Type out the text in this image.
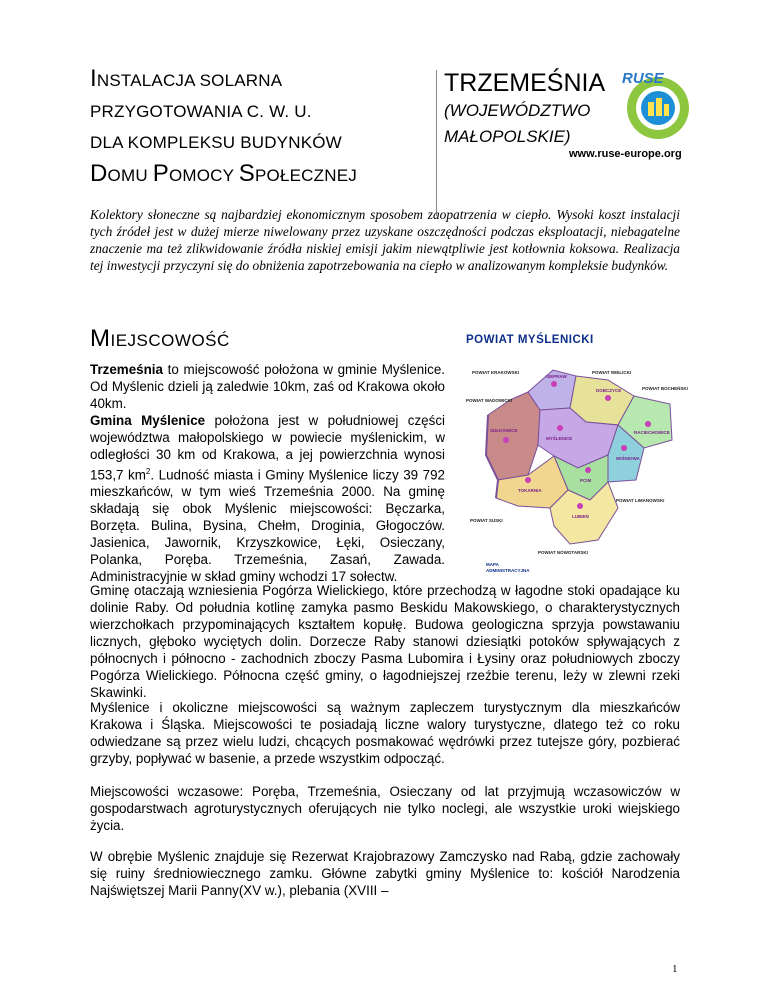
INSTALACJA SOLARNA
PRZYGOTOWANIA C. W. U.
DLA KOMPLEKSU BUDYNKÓW
DOMU POMOCY SPOŁECZNEJ
TRZEMEŚNIA
(WOJEWÓDZTWO
MAŁOPOLSKIE)
RUSE
www.ruse-europe.org
Kolektory słoneczne są najbardziej ekonomicznym sposobem zaopatrzenia w ciepło. Wysoki koszt instalacji tych źródeł jest w dużej mierze niwelowany przez uzyskane oszczędności podczas eksploatacji, niebagatelne znaczenie ma też zlikwidowanie źródła niskiej emisji jakim niewątpliwie jest kotłownia koksowa. Realizacja tej inwestycji przyczyni się do obniżenia zapotrzebowania na ciepło w analizowanym kompleksie budynków.
MIEJSCOWOŚĆ
Trzemeśnia to miejscowość położona w gminie Myślenice. Od Myślenic dzieli ją zaledwie 10km, zaś od Krakowa około 40km.
Gmina Myślenice położona jest w południowej części województwa małopolskiego w powiecie myślenickim, w odległości 30 km od Krakowa, a jej powierzchnia wynosi 153,7 $km^2$. Ludność miasta i Gminy Myślenice liczy 39 792 mieszkańców, w tym wieś Trzemeśnia 2000. Na gminę składają się obok Myślenic miejscowości: Bęczarka, Borzęta. Bulina, Bysina, Chełm, Droginia, Głogoczów. Jasienica, Jawornik, Krzyszkowice, Łęki, Osieczany, Polanka, Poręba. Trzemeśnia, Zasań, Zawada. Administracyjnie w skład gminy wchodzi 17 sołectw.
POWIAT MYŚLENICKI
POWIAT KRAKOWSKI	POWIAT WIELICKI
POWIAT WADOWICKI
POWIAT BOCHEŃSKI
SIEPRAW
DOBCZYCE
SUŁKOWICE
MYŚLENICE
RACIECHOWICE
PCIM
WIŚNIOWA
TOKARNIA
LUBIEŃ
POWIAT LIMANOWSKI
POWIAT SUSKI
POWIAT NOWOTARSKI
MAPA
ADMINISTRACYJNA
Gminę otaczają wzniesienia Pogórza Wielickiego, które przechodzą w łagodne stoki opadające ku dolinie Raby. Od południa kotlinę zamyka pasmo Beskidu Makowskiego, o charakterystycznych wierzchołkach przypominających kształtem kopułę. Budowa geologiczna sprzyja powstawaniu licznych, głęboko wyciętych dolin. Dorzecze Raby stanowi dziesiątki potoków spływających z północnych i północno - zachodnich zboczy Pasma Lubomira i Łysiny oraz południowych zboczy Pogórza Wielickiego. Północna część gminy, o łagodniejszej rzeźbie terenu, leży w zlewni rzeki Skawinki.
Myślenice i okoliczne miejscowości są ważnym zapleczem turystycznym dla mieszkańców Krakowa i Śląska. Miejscowości te posiadają liczne walory turystyczne, dlatego też co roku odwiedzane są przez wielu ludzi, chcących posmakować wędrówki przez tutejsze góry, pozbierać grzyby, popływać w basenie, a przede wszystkim odpocząć.
Miejscowości wczasowe: Poręba, Trzemeśnia, Osieczany od lat przyjmują wczasowiczów w gospodarstwach agroturystycznych oferujących nie tylko noclegi, ale wszystkie uroki wiejskiego życia.
W obrębie Myślenic znajduje się Rezerwat Krajobrazowy Zamczysko nad Rabą, gdzie zachowały się ruiny średniowiecznego zamku. Główne zabytki gminy Myślenice to: kościół Narodzenia Najświętszej Marii Panny(XV w.), plebania (XVIII –
1
